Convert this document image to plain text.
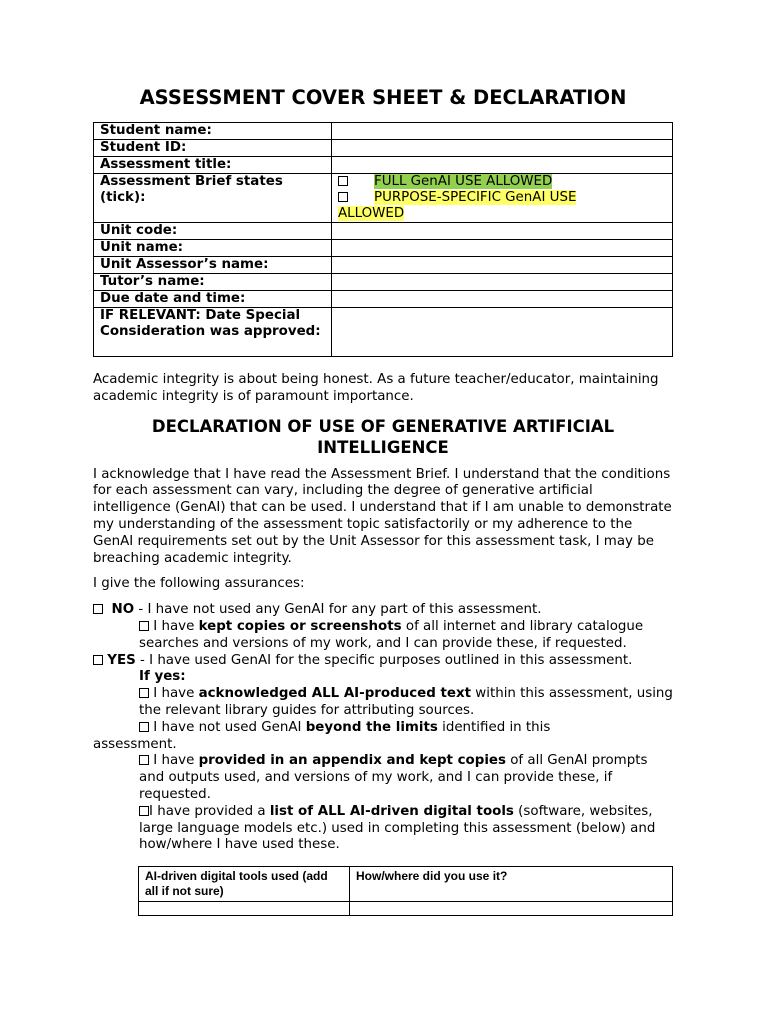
ASSESSMENT COVER SHEET & DECLARATION
Student name:	
Student ID:	
Assessment title:	
Assessment Brief states (tick):	FULL GenAI USE ALLOWED
PURPOSE-SPECIFIC GenAI USE
ALLOWED

Unit code:	
Unit name:	
Unit Assessor’s name:	
Tutor’s name:	
Due date and time:	
IF RELEVANT: Date Special Consideration was approved:	

Academic integrity is about being honest. As a future teacher/educator, maintaining academic integrity is of paramount importance.

DECLARATION OF USE OF GENERATIVE ARTIFICIAL INTELLIGENCE

I acknowledge that I have read the Assessment Brief. I understand that the conditions for each assessment can vary, including the degree of generative artificial intelligence (GenAI) that can be used. I understand that if I am unable to demonstrate my understanding of the assessment topic satisfactorily or my adherence to the GenAI requirements set out by the Unit Assessor for this assessment task, I may be breaching academic integrity.

I give the following assurances:

NO - I have not used any GenAI for any part of this assessment.
I have kept copies or screenshots of all internet and library catalogue searches and versions of my work, and I can provide these, if requested.
YES - I have used GenAI for the specific purposes outlined in this assessment.
If yes:
I have acknowledged ALL AI-produced text within this assessment, using the relevant library guides for attributing sources.
I have not used GenAI beyond the limits identified in this
assessment.
I have provided in an appendix and kept copies of all GenAI prompts and outputs used, and versions of my work, and I can provide these, if requested.
I have provided a list of ALL AI-driven digital tools (software, websites, large language models etc.) used in completing this assessment (below) and how/where I have used these.
AI-driven digital tools used (add all if not sure)	How/where did you use it?
